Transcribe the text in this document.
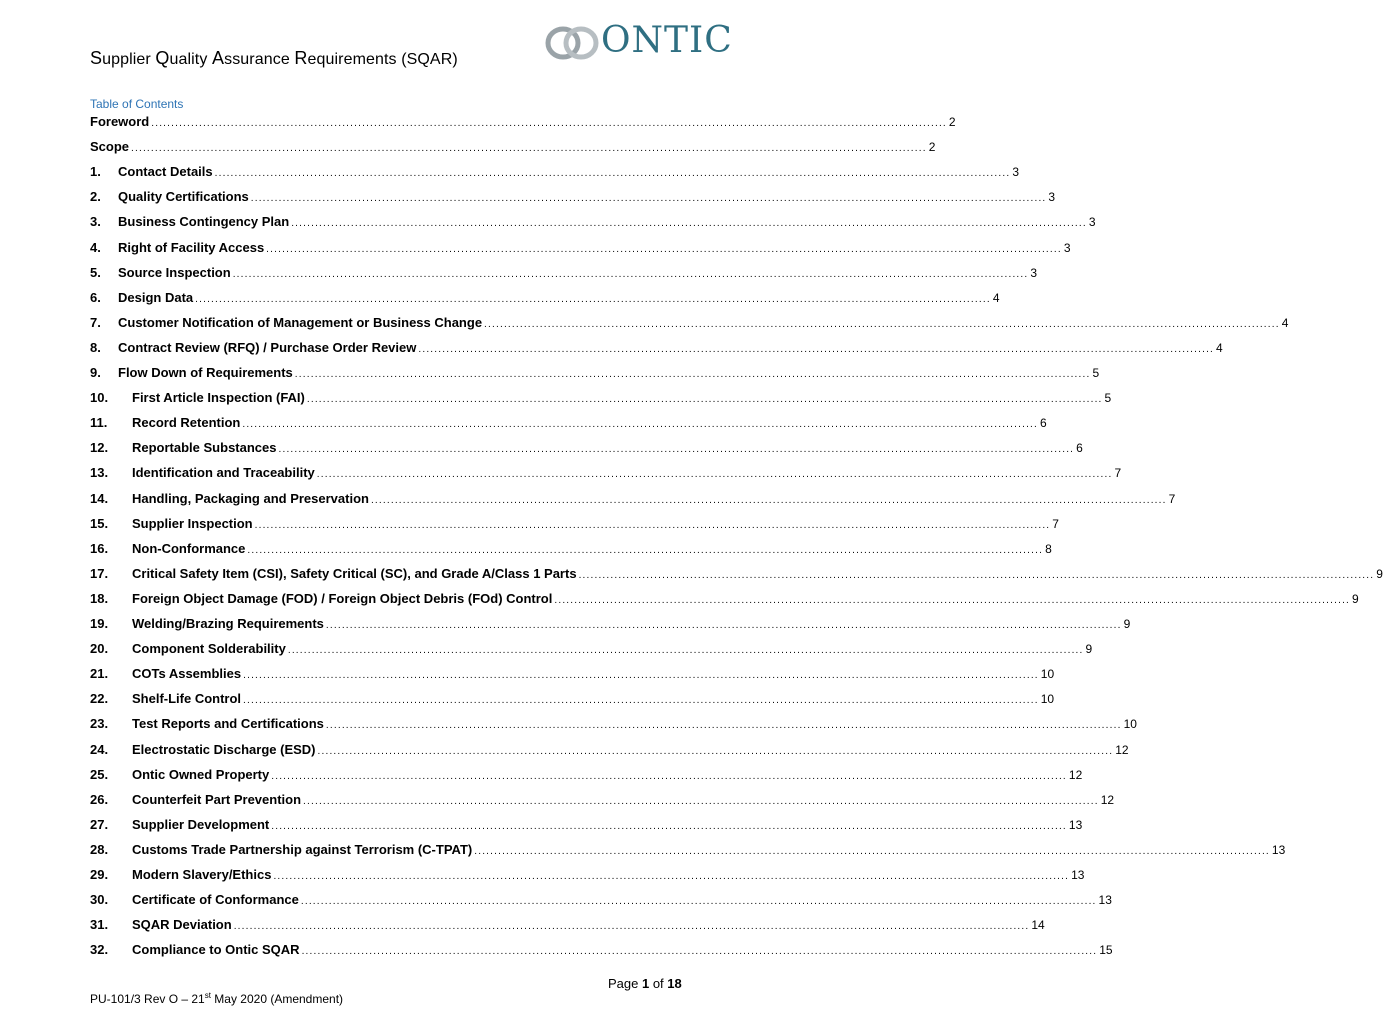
Supplier Quality Assurance Requirements (SQAR)	ONTIC
Table of Contents
Foreword ........................................................................................................................................................................................................ 2
Scope ........................................................................................................................................................................................................ 2
1.	Contact Details ........................................................................................................................................................................................................ 3
2.	Quality Certifications ........................................................................................................................................................................................................ 3
3.	Business Contingency Plan ........................................................................................................................................................................................................ 3
4.	Right of Facility Access ........................................................................................................................................................................................................ 3
5.	Source Inspection ........................................................................................................................................................................................................ 3
6.	Design Data ........................................................................................................................................................................................................ 4
7.	Customer Notification of Management or Business Change ........................................................................................................................................................................................................ 4
8.	Contract Review (RFQ) / Purchase Order Review ........................................................................................................................................................................................................ 4
9.	Flow Down of Requirements ........................................................................................................................................................................................................ 5
10.	First Article Inspection (FAI) ........................................................................................................................................................................................................ 5
11.	Record Retention ........................................................................................................................................................................................................ 6
12.	Reportable Substances ........................................................................................................................................................................................................ 6
13.	Identification and Traceability ........................................................................................................................................................................................................ 7
14.	Handling, Packaging and Preservation ........................................................................................................................................................................................................ 7
15.	Supplier Inspection ........................................................................................................................................................................................................ 7
16.	Non-Conformance ........................................................................................................................................................................................................ 8
17.	Critical Safety Item (CSI), Safety Critical (SC), and Grade A/Class 1 Parts ........................................................................................................................................................................................................ 9
18.	Foreign Object Damage (FOD) / Foreign Object Debris (FOd) Control ........................................................................................................................................................................................................ 9
19.	Welding/Brazing Requirements ........................................................................................................................................................................................................ 9
20.	Component Solderability ........................................................................................................................................................................................................ 9
21.	COTs Assemblies ........................................................................................................................................................................................................ 10
22.	Shelf-Life Control ........................................................................................................................................................................................................ 10
23.	Test Reports and Certifications ........................................................................................................................................................................................................ 10
24.	Electrostatic Discharge (ESD) ........................................................................................................................................................................................................ 12
25.	Ontic Owned Property ........................................................................................................................................................................................................ 12
26.	Counterfeit Part Prevention ........................................................................................................................................................................................................ 12
27.	Supplier Development ........................................................................................................................................................................................................ 13
28.	Customs Trade Partnership against Terrorism (C-TPAT) ........................................................................................................................................................................................................ 13
29.	Modern Slavery/Ethics ........................................................................................................................................................................................................ 13
30.	Certificate of Conformance ........................................................................................................................................................................................................ 13
31.	SQAR Deviation ........................................................................................................................................................................................................ 14
32.	Compliance to Ontic SQAR ........................................................................................................................................................................................................ 15
Page 1 of 18
PU-101/3 Rev O – 21st May 2020 (Amendment)
